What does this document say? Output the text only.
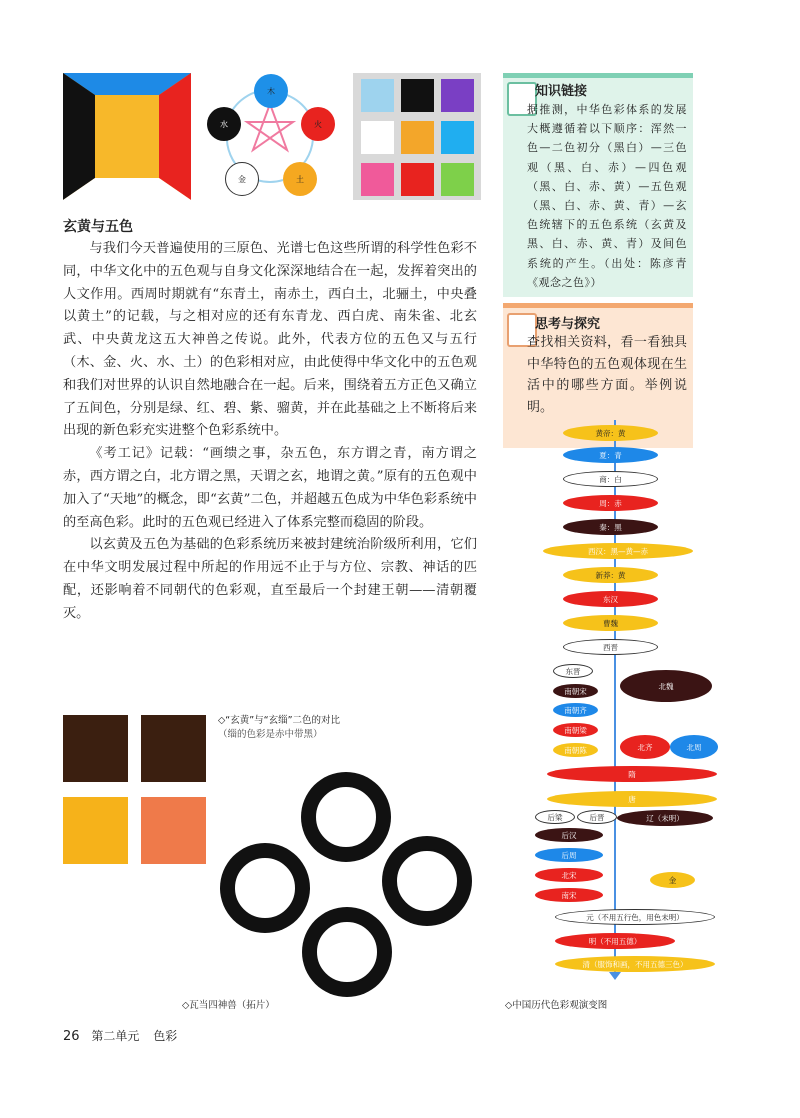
木
火
土
金
水
玄黄与五色

与我们今天普遍使用的三原色、光谱七色这些所谓的科学性色彩不同，中华文化中的五色观与自身文化深深地结合在一起，发挥着突出的人文作用。西周时期就有“东青土，南赤土，西白土，北骊土，中央叠以黄土”的记载，与之相对应的还有东青龙、西白虎、南朱雀、北玄武、中央黄龙这五大神兽之传说。此外，代表方位的五色又与五行（木、金、火、水、土）的色彩相对应，由此使得中华文化中的五色观和我们对世界的认识自然地融合在一起。后来，围绕着五方正色又确立了五间色，分别是绿、红、碧、紫、骝黄，并在此基础之上不断将后来出现的新色彩充实进整个色彩系统中。

《考工记》记载：“画缋之事，杂五色，东方谓之青，南方谓之赤，西方谓之白，北方谓之黑，天谓之玄，地谓之黄。”原有的五色观中加入了“天地”的概念，即“玄黄”二色，并超越五色成为中华色彩系统中的至高色彩。此时的五色观已经进入了体系完整而稳固的阶段。

以玄黄及五色为基础的色彩系统历来被封建统治阶级所利用，它们在中华文明发展过程中所起的作用远不止于与方位、宗教、神话的匹配，还影响着不同朝代的色彩观，直至最后一个封建王朝——清朝覆灭。

知识链接
据推测，中华色彩体系的发展大概遵循着以下顺序：浑然一色—二色初分（黑白）—三色观（黑、白、赤）—四色观（黑、白、赤、黄）—五色观（黑、白、赤、黄、青）—玄色统辖下的五色系统（玄黄及黑、白、赤、黄、青）及间色系统的产生。（出处：陈彦青《观念之色》）
思考与探究
查找相关资料，看一看独具中华特色的五色观体现在生活中的哪些方面。举例说明。
◇“玄黄”与“玄缁”二色的对比
（缁的色彩是赤中带黑）
◇瓦当四神兽（拓片）
黄帝：黄
夏：青
商：白
周：赤
秦：黑
西汉：黑—黄—赤
新莽：黄
东汉
曹魏
西晋
东晋
北魏
南朝宋
南朝齐
南朝梁
南朝陈	北齐	北周
隋
唐
后梁	后晋	辽（未明）
后汉
后周
北宋
金
南宋
元（不用五行色，用色未明）
明（不用五德）
清（服饰和画，不用五德三色）
◇中国历代色彩观演变图
26 第二单元 色彩
